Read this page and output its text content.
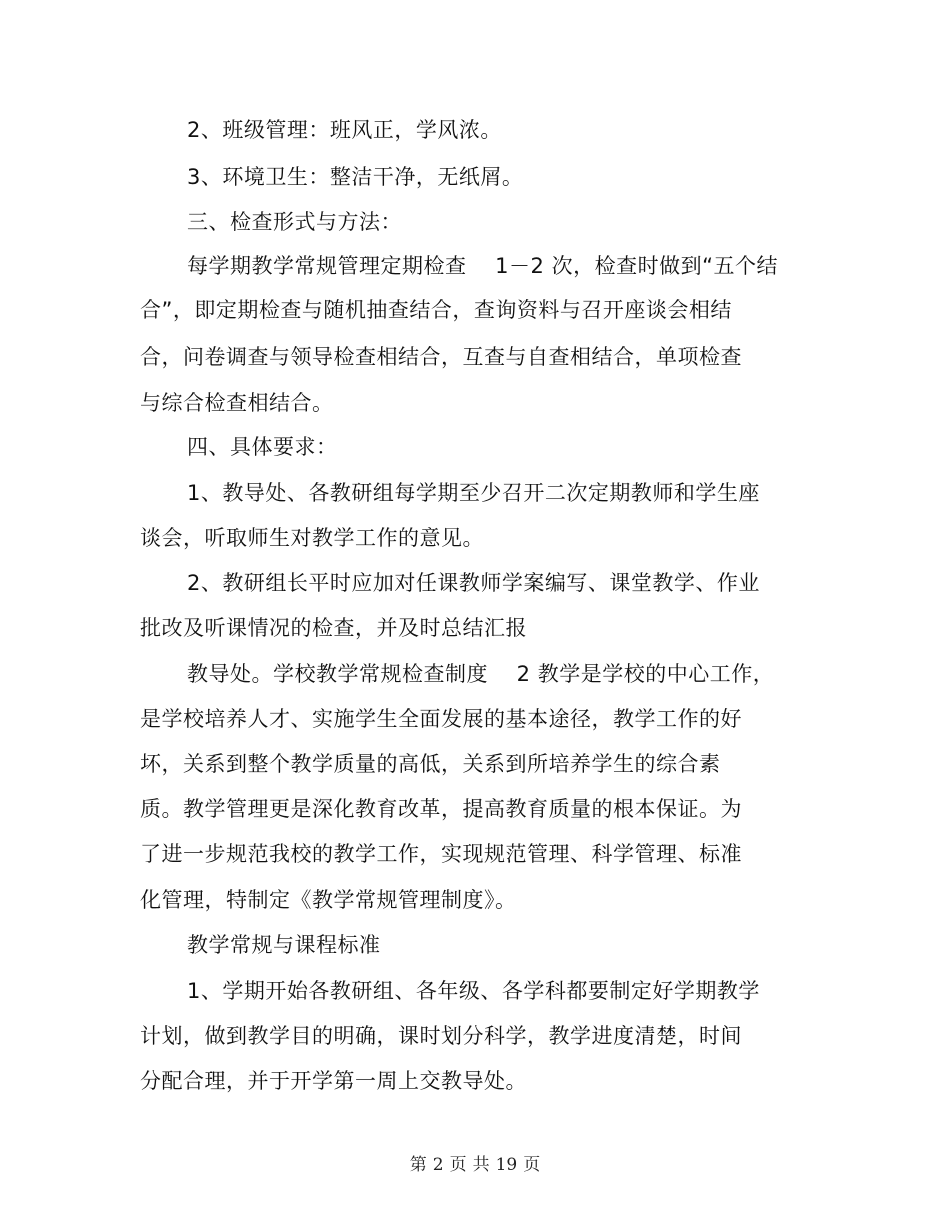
2、班级管理：班风正，学风浓。
3、环境卫生：整洁干净，无纸屑。
三、检查形式与方法：
每学期教学常规管理定期检查　 1－2 次，检查时做到“五个结
合”，即定期检查与随机抽查结合，查询资料与召开座谈会相结
合，问卷调查与领导检查相结合，互查与自查相结合，单项检查
与综合检查相结合。
四、具体要求：
1、教导处、各教研组每学期至少召开二次定期教师和学生座
谈会，听取师生对教学工作的意见。
2、教研组长平时应加对任课教师学案编写、课堂教学、作业
批改及听课情况的检查，并及时总结汇报
教导处。学校教学常规检查制度　 2 教学是学校的中心工作，
是学校培养人才、实施学生全面发展的基本途径，教学工作的好
坏，关系到整个教学质量的高低，关系到所培养学生的综合素
质。教学管理更是深化教育改革，提高教育质量的根本保证。为
了进一步规范我校的教学工作，实现规范管理、科学管理、标准
化管理，特制定《教学常规管理制度》。
教学常规与课程标准
1、学期开始各教研组、各年级、各学科都要制定好学期教学
计划，做到教学目的明确，课时划分科学，教学进度清楚，时间
分配合理，并于开学第一周上交教导处。
第 2 页 共 19 页
